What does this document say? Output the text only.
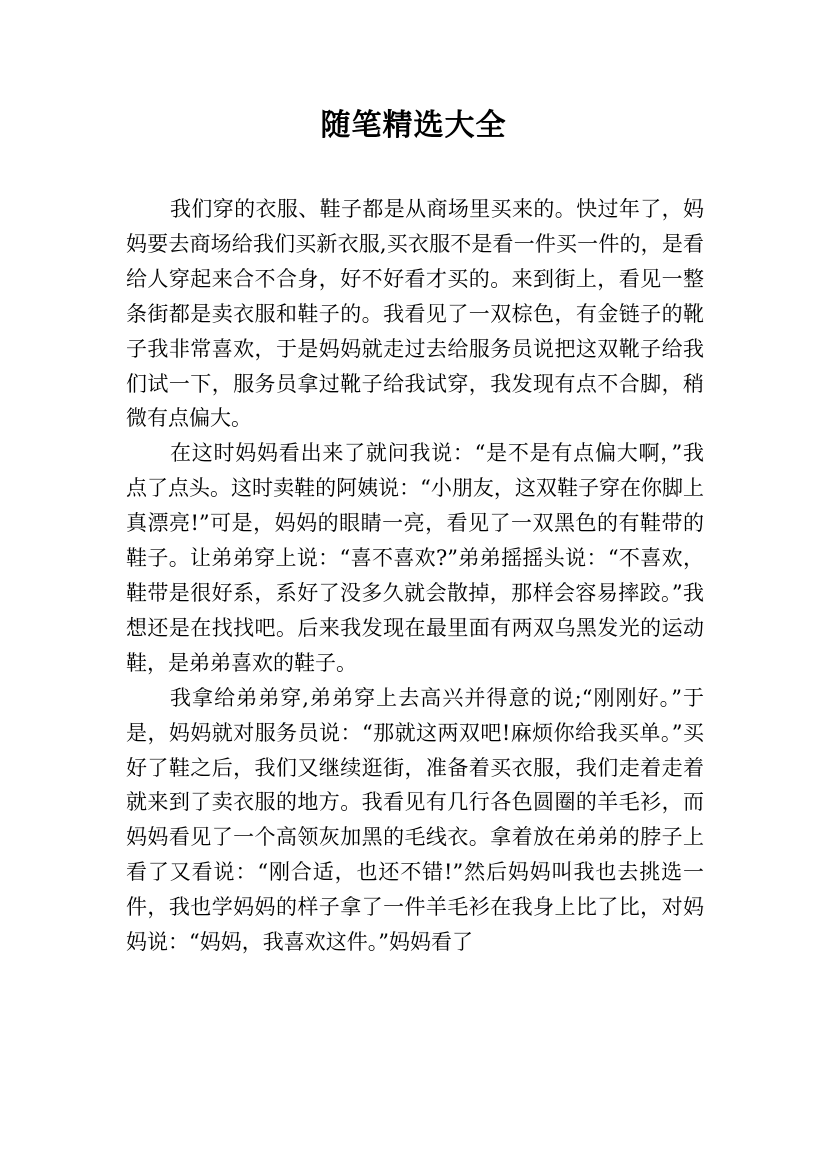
随笔精选大全

我们穿的衣服、鞋子都是从商场里买来的。快过年了，妈妈要去商场给我们买新衣服,买衣服不是看一件买一件的，是看给人穿起来合不合身，好不好看才买的。来到街上，看见一整条街都是卖衣服和鞋子的。我看见了一双棕色，有金链子的靴子我非常喜欢，于是妈妈就走过去给服务员说把这双靴子给我们试一下，服务员拿过靴子给我试穿，我发现有点不合脚，稍微有点偏大。

在这时妈妈看出来了就问我说：“是不是有点偏大啊，”我点了点头。这时卖鞋的阿姨说：“小朋友，这双鞋子穿在你脚上真漂亮!”可是，妈妈的眼睛一亮，看见了一双黑色的有鞋带的鞋子。让弟弟穿上说：“喜不喜欢?”弟弟摇摇头说：“不喜欢，鞋带是很好系，系好了没多久就会散掉，那样会容易摔跤。”我想还是在找找吧。后来我发现在最里面有两双乌黑发光的运动鞋，是弟弟喜欢的鞋子。

我拿给弟弟穿,弟弟穿上去高兴并得意的说;“刚刚好。”于是，妈妈就对服务员说：“那就这两双吧!麻烦你给我买单。”买好了鞋之后，我们又继续逛街，准备着买衣服，我们走着走着就来到了卖衣服的地方。我看见有几行各色圆圈的羊毛衫，而妈妈看见了一个高领灰加黑的毛线衣。拿着放在弟弟的脖子上看了又看说：“刚合适，也还不错!”然后妈妈叫我也去挑选一件，我也学妈妈的样子拿了一件羊毛衫在我身上比了比，对妈妈说：“妈妈，我喜欢这件。”妈妈看了
